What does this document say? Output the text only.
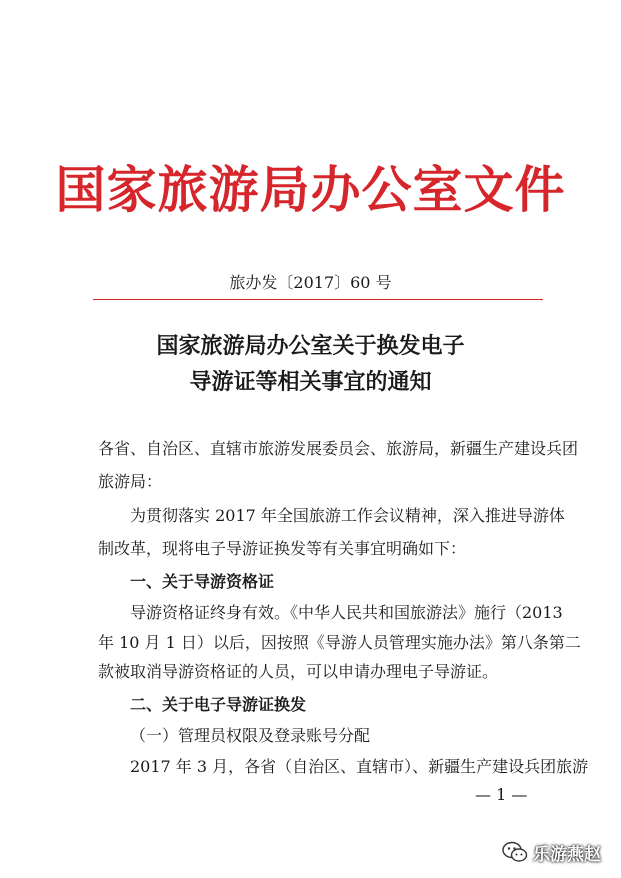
国家旅游局办公室文件
旅办发〔2017〕60 号
国家旅游局办公室关于换发电子
导游证等相关事宜的通知
各省、自治区、直辖市旅游发展委员会、旅游局，新疆生产建设兵团
旅游局：
为贯彻落实 2017 年全国旅游工作会议精神，深入推进导游体
制改革，现将电子导游证换发等有关事宜明确如下：
一、关于导游资格证
导游资格证终身有效。《中华人民共和国旅游法》施行（2013
年 10 月 1 日）以后，因按照《导游人员管理实施办法》第八条第二
款被取消导游资格证的人员，可以申请办理电子导游证。
二、关于电子导游证换发
（一）管理员权限及登录账号分配
2017 年 3 月，各省（自治区、直辖市）、新疆生产建设兵团旅游
— 1 —
乐游燕赵
